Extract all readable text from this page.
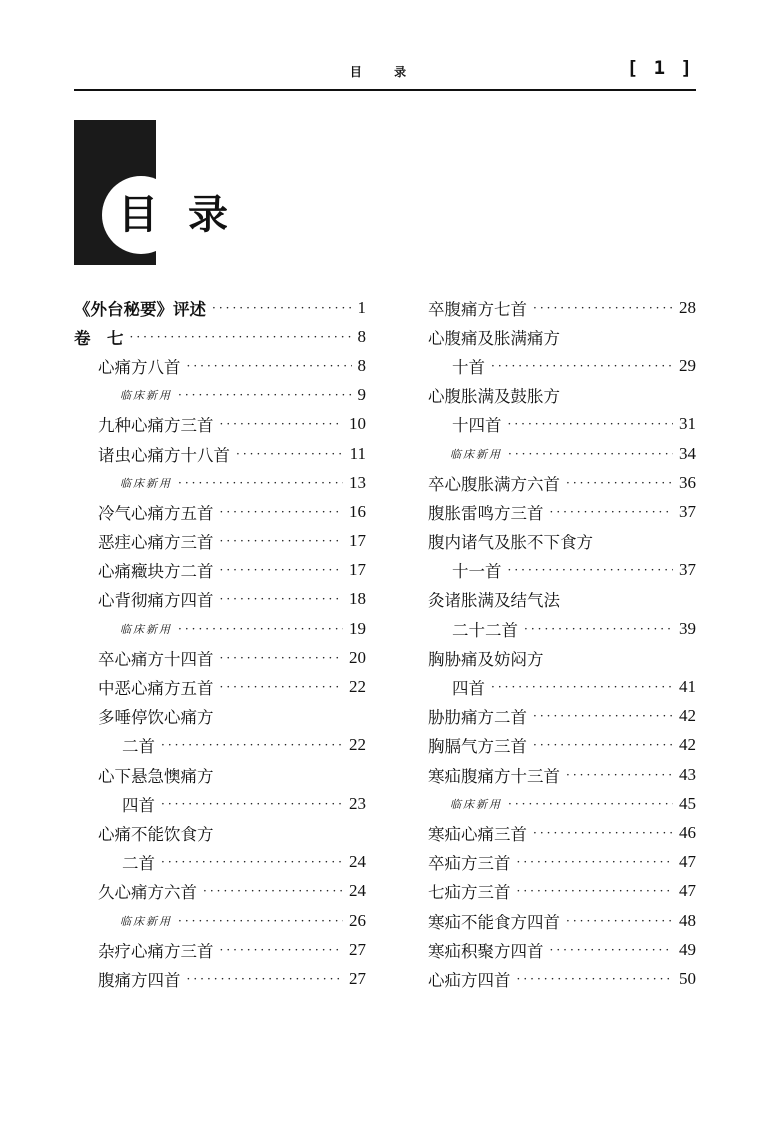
目 录	[ 1 ]
目 录
《外台秘要》评述 ·····	1
卷　七 ·····	8
心痛方八首 ·····	8
临床新用 ·····	9
九种心痛方三首 ·····	10
诸虫心痛方十八首 ·····	11
临床新用 ·····	13
冷气心痛方五首 ·····	16
恶疰心痛方三首 ·····	17
心痛癥块方二首 ·····	17
心背彻痛方四首 ·····	18
临床新用 ·····	19
卒心痛方十四首 ·····	20
中恶心痛方五首 ·····	22
多唾停饮心痛方
二首 ·····	22
心下悬急懊痛方
四首 ·····	23
心痛不能饮食方
二首 ·····	24
久心痛方六首 ·····	24
临床新用 ·····	26
杂疗心痛方三首 ·····	27
腹痛方四首 ·····	27
卒腹痛方七首 ·····	28
心腹痛及胀满痛方
十首 ·····	29
心腹胀满及鼓胀方
十四首 ·····	31
临床新用 ·····	34
卒心腹胀满方六首 ·····	36
腹胀雷鸣方三首 ·····	37
腹内诸气及胀不下食方
十一首 ·····	37
灸诸胀满及结气法
二十二首 ·····	39
胸胁痛及妨闷方
四首 ·····	41
胁肋痛方二首 ·····	42
胸膈气方三首 ·····	42
寒疝腹痛方十三首 ·····	43
临床新用 ·····	45
寒疝心痛三首 ·····	46
卒疝方三首 ·····	47
七疝方三首 ·····	47
寒疝不能食方四首 ·····	48
寒疝积聚方四首 ·····	49
心疝方四首 ·····	50
